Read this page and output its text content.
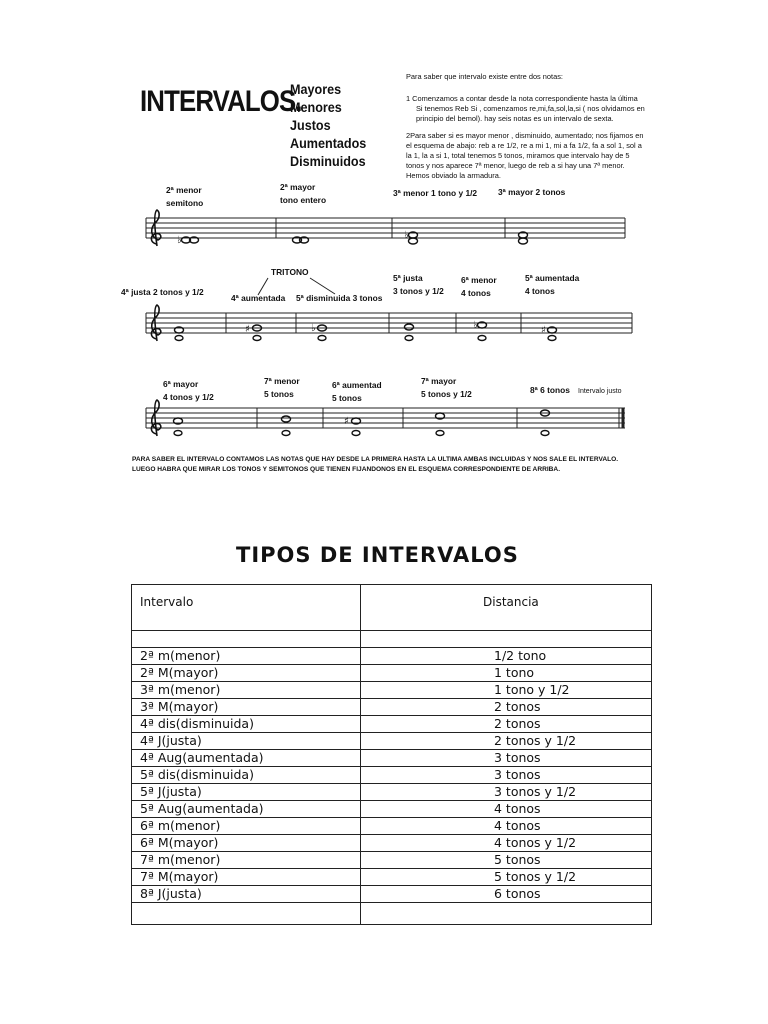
INTERVALOS.
Mayores
Menores
Justos
Aumentados
Disminuidos

Para saber que intervalo existe entre dos notas:

1 Comenzamos a contar desde la nota correspondiente hasta la última

Si tenemos Reb Si , comenzamos re,mi,fa,sol,la,si ( nos olvidamos en principio del bemol). hay seis notas es un intervalo de sexta.

2Para saber si es mayor menor , disminuido, aumentado; nos fijamos en el esquema de abajo: reb a re 1/2, re a mi 1, mi a fa 1/2, fa a sol 1, sol a la 1, la a si 1, total tenemos 5 tonos, miramos que intervalo hay de 5 tonos y nos aparece 7ª menor, luego de reb a si hay una 7ª menor. Hemos obviado la armadura.

2ª menor
semitono
2ª mayor
tono entero
3ª menor 1 tono y 1/2 3ª mayor 2 tonos
TRITONO
4ª justa 2 tonos y 1/2
4ª aumentada 5ª disminuida 3 tonos
5ª justa
3 tonos y 1/2
6ª menor
4 tonos
5ª aumentada
4 tonos
6ª mayor
4 tonos y 1/2
7ª menor
5 tonos
6ª aumentad
5 tonos
7ª mayor
5 tonos y 1/2	8ª 6 tonos Intervalo justo
♭	♭
♯	♭	♭	♯
♯
PARA SABER EL INTERVALO CONTAMOS LAS NOTAS QUE HAY DESDE LA PRIMERA HASTA LA ULTIMA AMBAS INCLUIDAS Y NOS SALE EL INTERVALO. LUEGO HABRA QUE MIRAR LOS TONOS Y SEMITONOS QUE TIENEN FIJANDONOS EN EL ESQUEMA CORRESPONDIENTE DE ARRIBA.
TIPOS DE INTERVALOS
Intervalo	Distancia

2ª m(menor)	1/2 tono
2ª M(mayor)	1 tono
3ª m(menor)	1 tono y 1/2
3ª M(mayor)	2 tonos
4ª dis(disminuida)	2 tonos
4ª J(justa)	2 tonos y 1/2
4ª Aug(aumentada)	3 tonos
5ª dis(disminuida)	3 tonos
5ª J(justa)	3 tonos y 1/2
5ª Aug(aumentada)	4 tonos
6ª m(menor)	4 tonos
6ª M(mayor)	4 tonos y 1/2
7ª m(menor)	5 tonos
7ª M(mayor)	5 tonos y 1/2
8ª J(justa)	6 tonos
